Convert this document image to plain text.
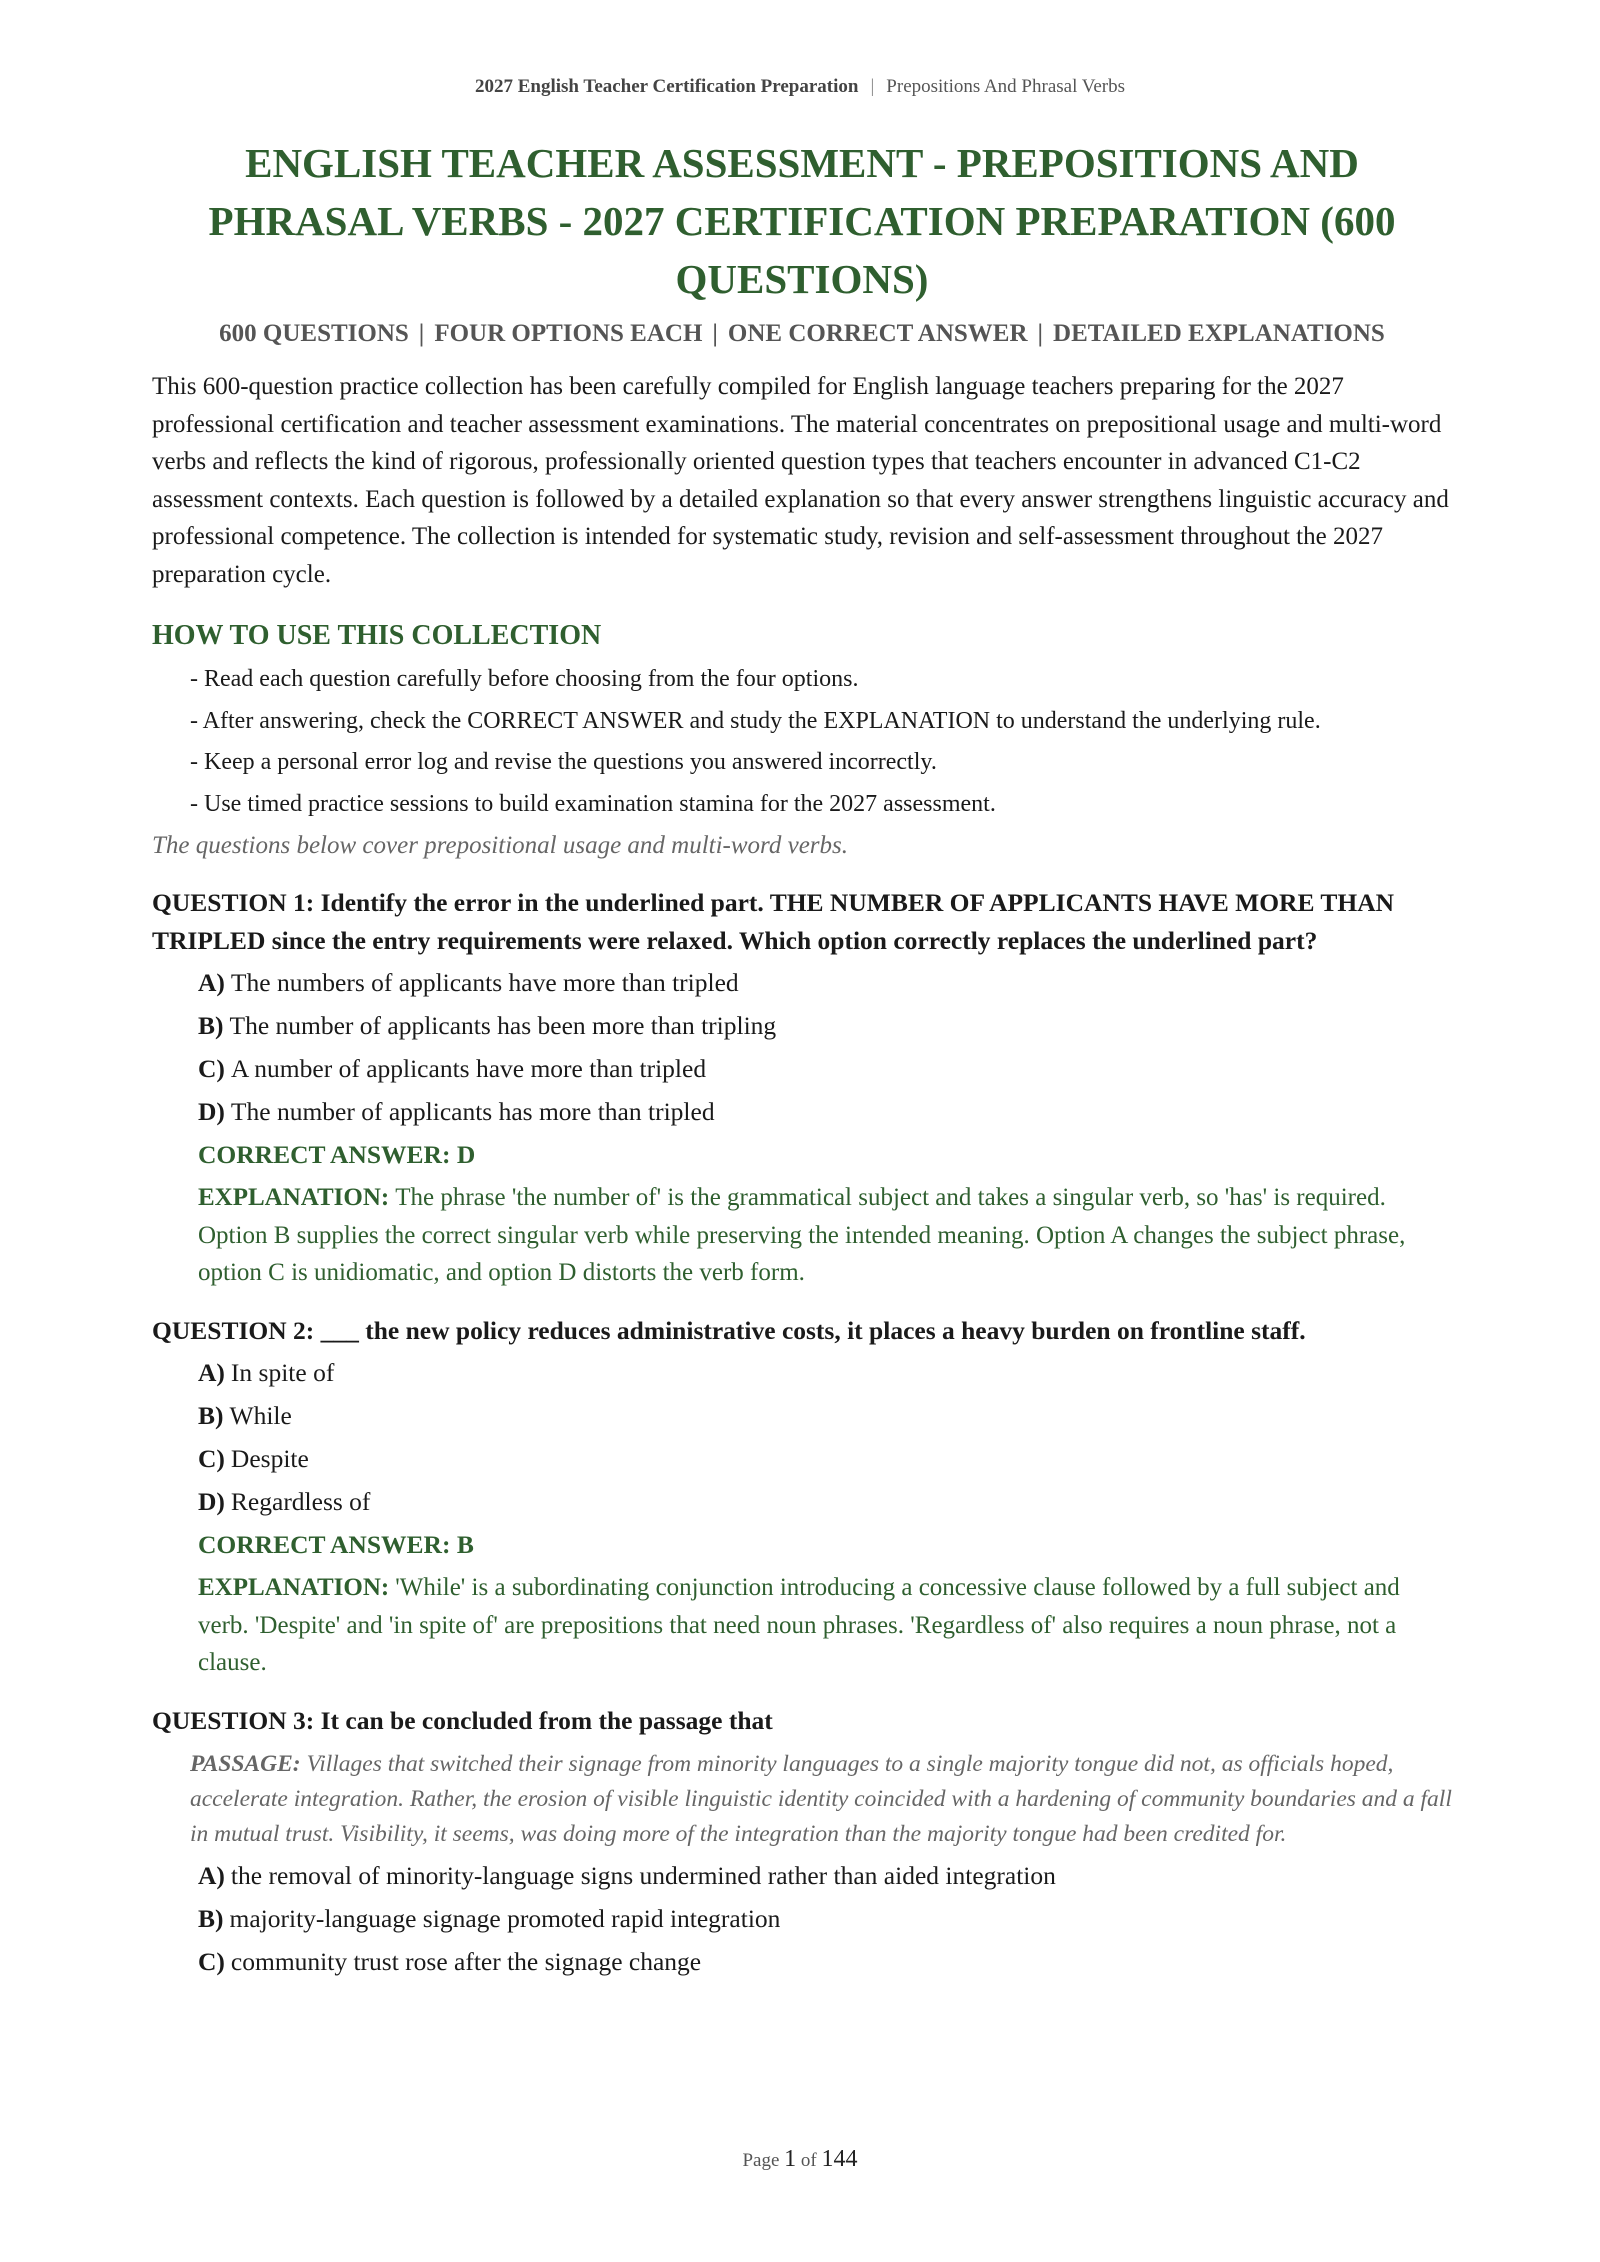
2027 English Teacher Certification Preparation | Prepositions And Phrasal Verbs
ENGLISH TEACHER ASSESSMENT - PREPOSITIONS AND PHRASAL VERBS - 2027 CERTIFICATION PREPARATION (600 QUESTIONS)
600 QUESTIONS | FOUR OPTIONS EACH | ONE CORRECT ANSWER | DETAILED EXPLANATIONS

This 600-question practice collection has been carefully compiled for English language teachers preparing for the 2027 professional certification and teacher assessment examinations. The material concentrates on prepositional usage and multi-word verbs and reflects the kind of rigorous, professionally oriented question types that teachers encounter in advanced C1-C2 assessment contexts. Each question is followed by a detailed explanation so that every answer strengthens linguistic accuracy and professional competence. The collection is intended for systematic study, revision and self-assessment throughout the 2027 preparation cycle.

HOW TO USE THIS COLLECTION
- Read each question carefully before choosing from the four options.
- After answering, check the CORRECT ANSWER and study the EXPLANATION to understand the underlying rule.
- Keep a personal error log and revise the questions you answered incorrectly.
- Use timed practice sessions to build examination stamina for the 2027 assessment.
The questions below cover prepositional usage and multi-word verbs.
QUESTION 1: Identify the error in the underlined part. THE NUMBER OF APPLICANTS HAVE MORE THAN TRIPLED since the entry requirements were relaxed. Which option correctly replaces the underlined part?
A) The numbers of applicants have more than tripled
B) The number of applicants has been more than tripling
C) A number of applicants have more than tripled
D) The number of applicants has more than tripled
CORRECT ANSWER: D
EXPLANATION: The phrase 'the number of' is the grammatical subject and takes a singular verb, so 'has' is required. Option B supplies the correct singular verb while preserving the intended meaning. Option A changes the subject phrase, option C is unidiomatic, and option D distorts the verb form.
QUESTION 2: ___ the new policy reduces administrative costs, it places a heavy burden on frontline staff.
A) In spite of
B) While
C) Despite
D) Regardless of
CORRECT ANSWER: B
EXPLANATION: 'While' is a subordinating conjunction introducing a concessive clause followed by a full subject and verb. 'Despite' and 'in spite of' are prepositions that need noun phrases. 'Regardless of' also requires a noun phrase, not a clause.
QUESTION 3: It can be concluded from the passage that
PASSAGE: Villages that switched their signage from minority languages to a single majority tongue did not, as officials hoped, accelerate integration. Rather, the erosion of visible linguistic identity coincided with a hardening of community boundaries and a fall in mutual trust. Visibility, it seems, was doing more of the integration than the majority tongue had been credited for.
A) the removal of minority-language signs undermined rather than aided integration
B) majority-language signage promoted rapid integration
C) community trust rose after the signage change
Page 1 of 144
